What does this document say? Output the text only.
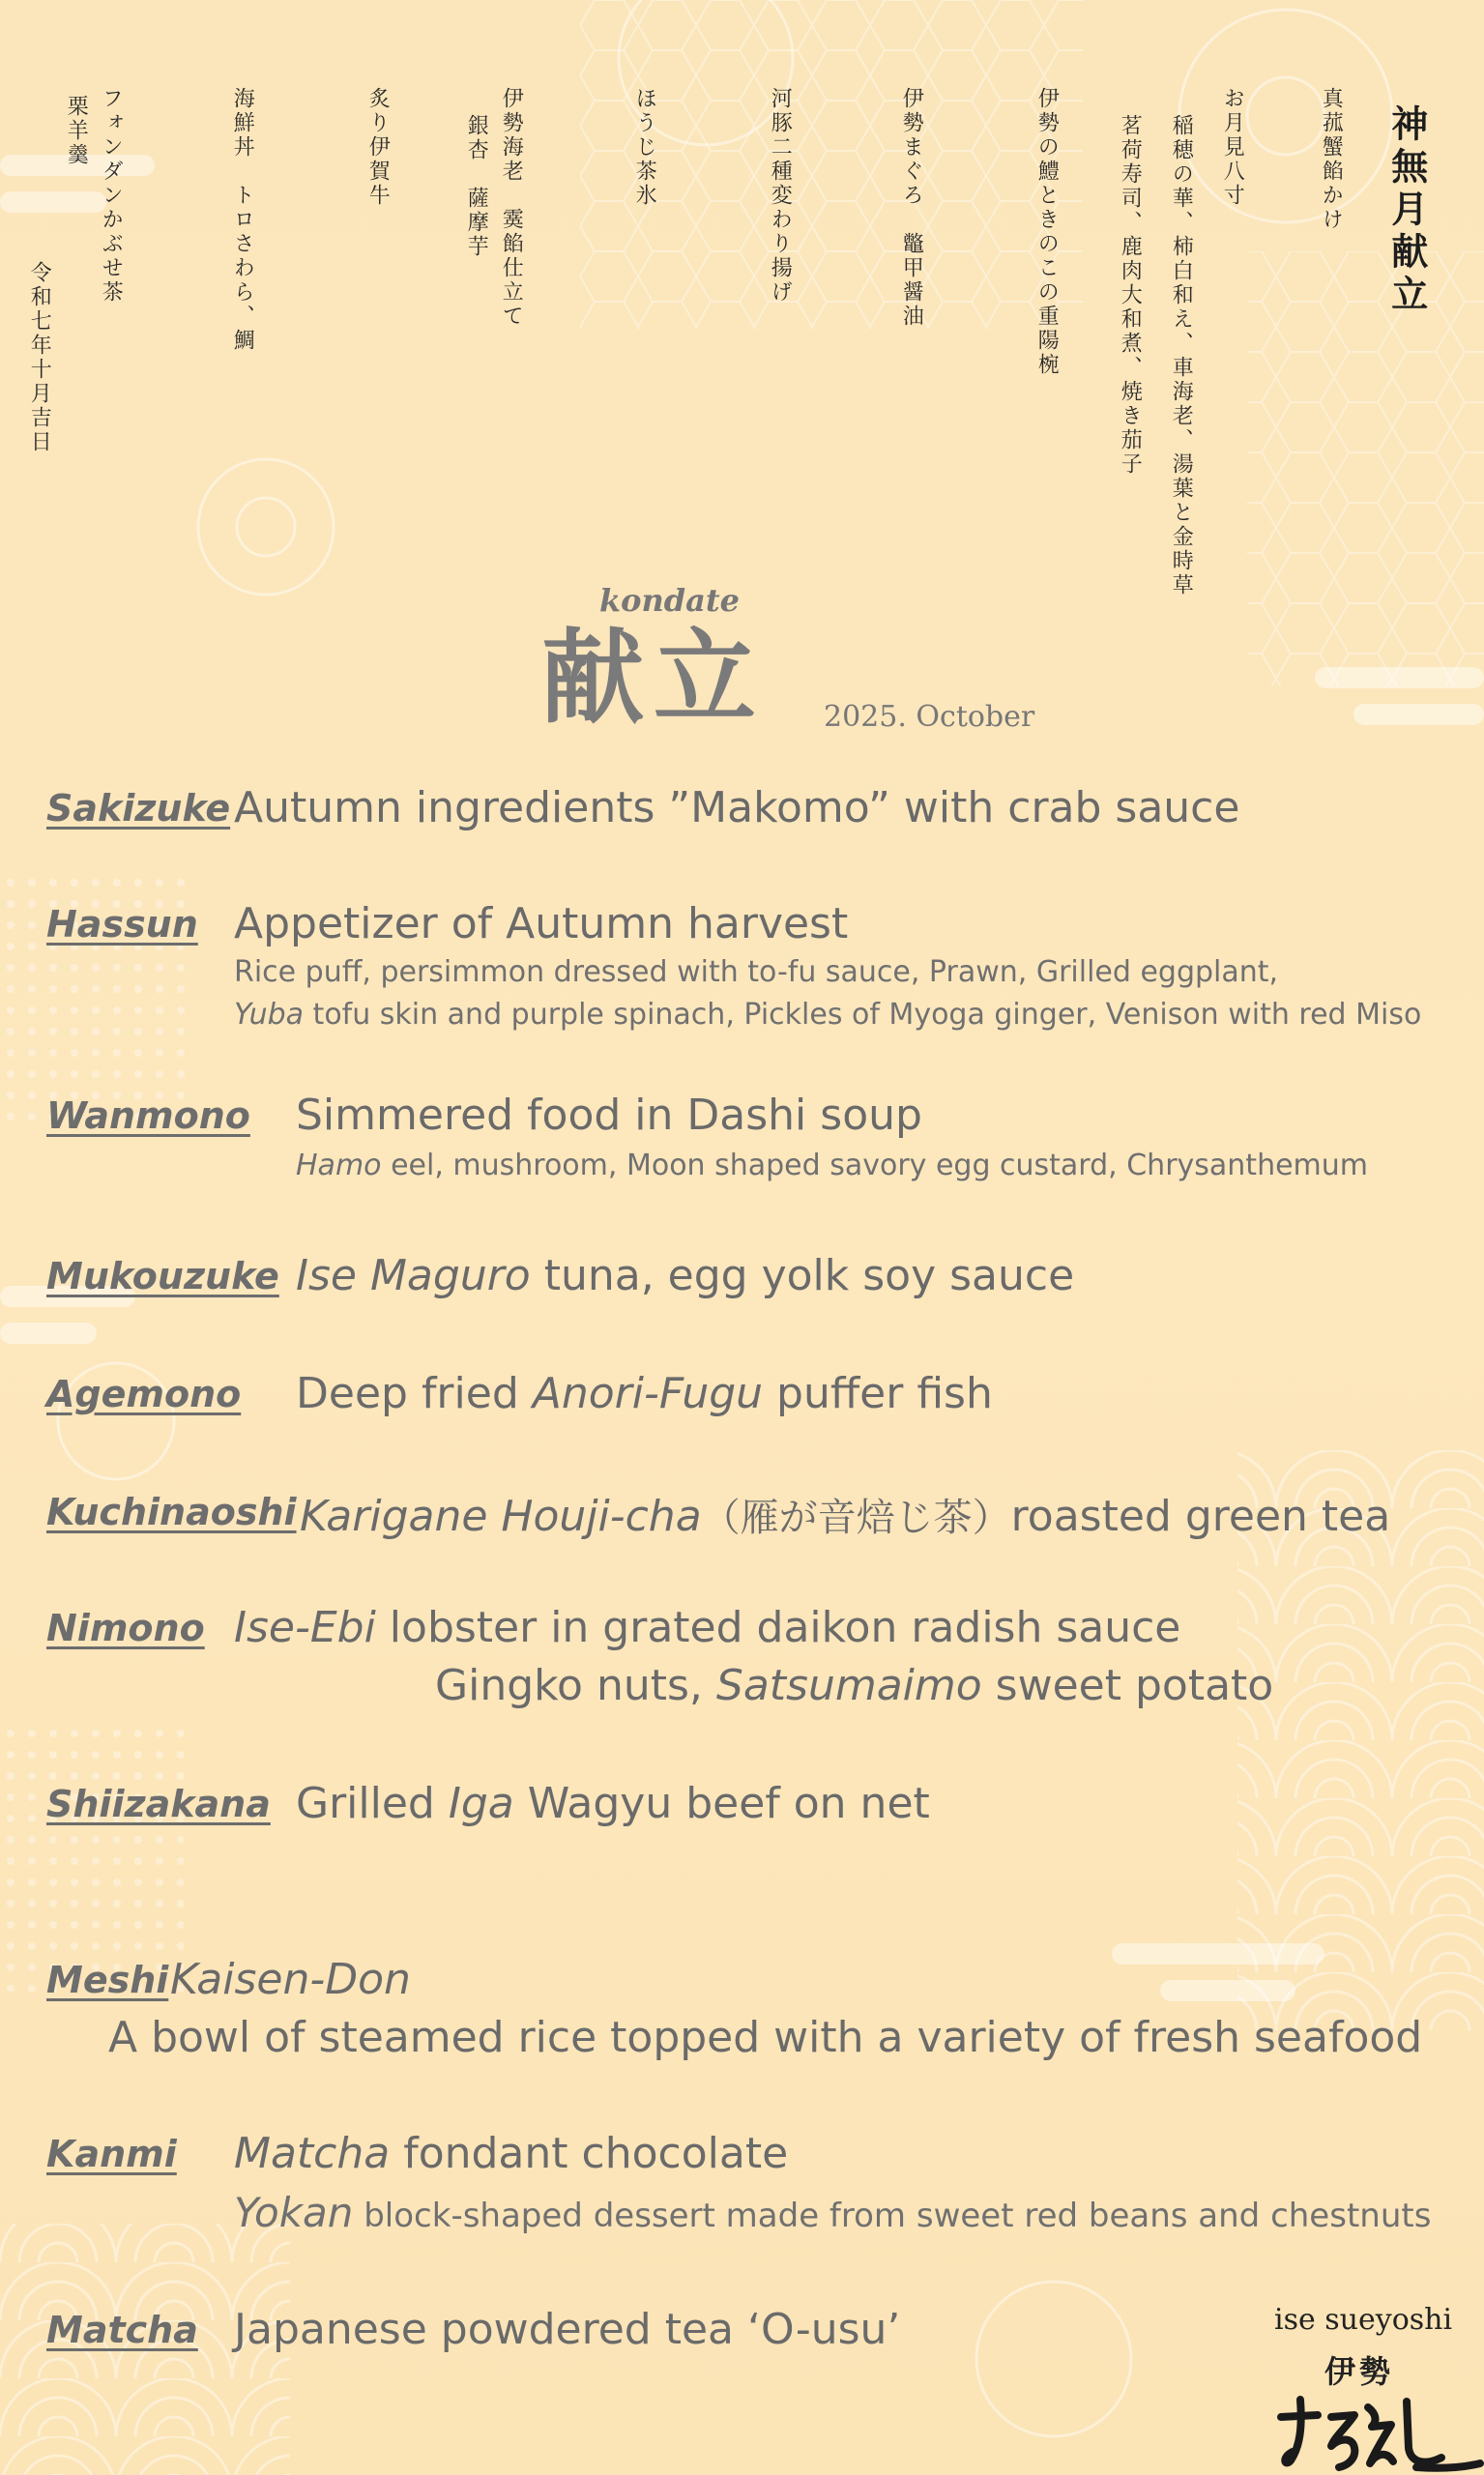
神無月献立
真菰蟹餡かけ
お月見八寸
稲穂の華、柿白和え、車海老、湯葉と金時草
茗荷寿司、鹿肉大和煮、焼き茄子
伊勢の鱧ときのこの重陽椀
伊勢まぐろ　鼈甲醤油
河豚二種変わり揚げ
ほうじ茶氷
伊勢海老　霙餡仕立て
銀杏　薩摩芋
炙り伊賀牛
海鮮丼　トロさわら、鯛
フォンダンかぶせ茶
栗羊羹
令和七年十月吉日
kondate
献立 2025. October
Sakizuke Autumn ingredients ”Makomo” with crab sauce
Hassun Appetizer of Autumn harvest
Rice puff, persimmon dressed with to-fu sauce, Prawn, Grilled eggplant,
Yuba tofu skin and purple spinach, Pickles of Myoga ginger, Venison with red Miso
Wanmono Simmered food in Dashi soup
Hamo eel, mushroom, Moon shaped savory egg custard, Chrysanthemum
Mukouzuke Ise Maguro tuna, egg yolk soy sauce
Agemono Deep fried Anori-Fugu puffer fish
Kuchinaoshi Karigane Houji-cha（雁が音焙じ茶）roasted green tea
Nimono Ise-Ebi lobster in grated daikon radish sauce
Gingko nuts, Satsumaimo sweet potato
Shiizakana Grilled Iga Wagyu beef on net
Meshi Kaisen-Don
A bowl of steamed rice topped with a variety of fresh seafood
Kanmi Matcha fondant chocolate
Yokan block-shaped dessert made from sweet red beans and chestnuts
Matcha Japanese powdered tea ‘O-usu’	ise sueyoshi
伊勢
